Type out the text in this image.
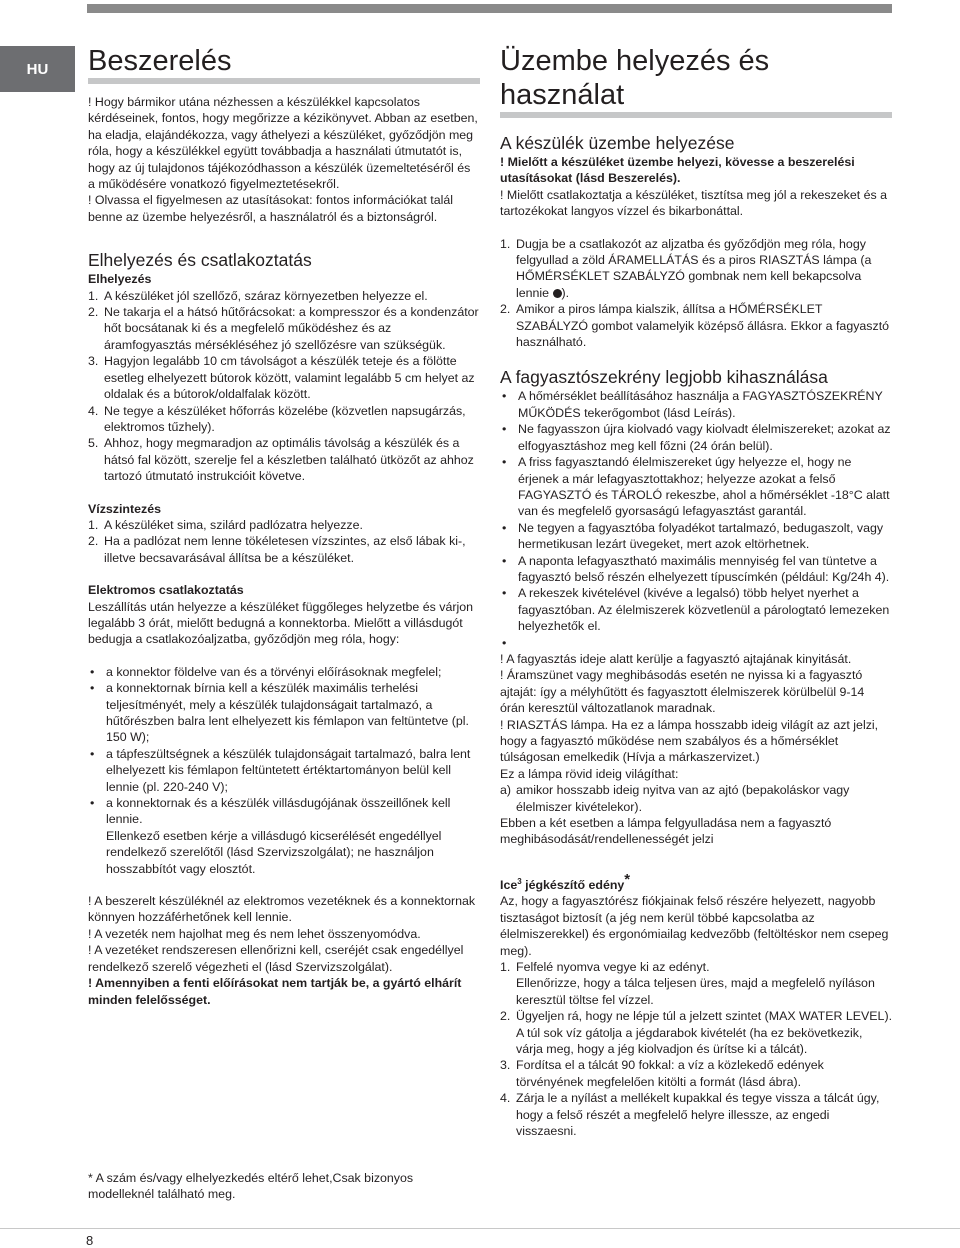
HU Beszerelés

! Hogy bármikor utána nézhessen a készülékkel kapcsolatos kérdéseinek, fontos, hogy megőrizze a kézikönyvet. Abban az esetben, ha eladja, elajándékozza, vagy áthelyezi a készüléket, győződjön meg róla, hogy a készülékkel együtt továbbadja a használati útmutatót is, hogy az új tulajdonos tájékozódhasson a készülék üzemeltetéséről és a működésére vonatkozó figyelmeztetésekről.

! Olvassa el figyelmesen az utasításokat: fontos információkat talál benne az üzembe helyezésről, a használatról és a biztonságról.

Elhelyezés és csatlakoztatás
Elhelyezés
1. A készüléket jól szellőző, száraz környezetben helyezze el.
2. Ne takarja el a hátsó hűtőrácsokat: a kompresszor és a kondenzátor hőt bocsátanak ki és a megfelelő működéshez és az áramfogyasztás mérsékléséhez jó szellőzésre van szükségük.
3. Hagyjon legalább 10 cm távolságot a készülék teteje és a fölötte esetleg elhelyezett bútorok között, valamint legalább 5 cm helyet az oldalak és a bútorok/oldalfalak között.
4. Ne tegye a készüléket hőforrás közelébe (közvetlen napsugárzás, elektromos tűzhely).
5. Ahhoz, hogy megmaradjon az optimális távolság a készülék és a hátsó fal között, szerelje fel a készletben található ütközőt az ahhoz tartozó útmutató instrukcióit követve.
Vízszintezés
1. A készüléket sima, szilárd padlózatra helyezze.
2. Ha a padlózat nem lenne tökéletesen vízszintes, az első lábak ki-, illetve becsavarásával állítsa be a készüléket.
Elektromos csatlakoztatás

Leszállítás után helyezze a készüléket függőleges helyzetbe és várjon legalább 3 órát, mielőtt bedugná a konnektorba. Mielőtt a villásdugót bedugja a csatlakozóaljzatba, győződjön meg róla, hogy:

• a konnektor földelve van és a törvényi előírásoknak megfelel;
• a konnektornak bírnia kell a készülék maximális terhelési teljesítményét, mely a készülék tulajdonságait tartalmazó, a hűtőrészben balra lent elhelyezett kis fémlapon van feltüntetve (pl. 150 W);
• a tápfeszültségnek a készülék tulajdonságait tartalmazó, balra lent elhelyezett kis fémlapon feltüntetett értéktartományon belül kell lennie (pl. 220-240 V);
• a konnektornak és a készülék villásdugójának összeillőnek kell lennie.

Ellenkező esetben kérje a villásdugó kicserélését engedéllyel rendelkező szerelőtől (lásd Szervizszolgálat); ne használjon hosszabbítót vagy elosztót.

! A beszerelt készüléknél az elektromos vezetéknek és a konnektornak könnyen hozzáférhetőnek kell lennie.

! A vezeték nem hajolhat meg és nem lehet összenyomódva.

! A vezetéket rendszeresen ellenőrizni kell, cseréjét csak engedéllyel rendelkező szerelő végezheti el (lásd Szervizszolgálat).

! Amennyiben a fenti előírásokat nem tartják be, a gyártó elhárít minden felelősséget.

* A szám és/vagy elhelyezkedés eltérő lehet,Csak bizonyos modelleknél található meg.
Üzembe helyezés és használat
A készülék üzembe helyezése

! Mielőtt a készüléket üzembe helyezi, kövesse a beszerelési utasításokat (lásd Beszerelés).

! Mielőtt csatlakoztatja a készüléket, tisztítsa meg jól a rekeszeket és a tartozékokat langyos vízzel és bikarbonáttal.

1. Dugja be a csatlakozót az aljzatba és győződjön meg róla, hogy felgyullad a zöld ÁRAMELLÁTÁS és a piros RIASZTÁS lámpa (a HŐMÉRSÉKLET SZABÁLYZÓ gombnak nem kell bekapcsolva lennie ).
2. Amikor a piros lámpa kialszik, állítsa a HŐMÉRSÉKLET SZABÁLYZÓ gombot valamelyik középső állásra. Ekkor a fagyasztó használható.
A fagyasztószekrény legjobb kihasználása
• A hőmérséklet beállításához használja a FAGYASZTÓSZEKRÉNY MŰKÖDÉS tekerőgombot (lásd Leírás).
• Ne fagyasszon újra kiolvadó vagy kiolvadt élelmiszereket; azokat az elfogyasztáshoz meg kell főzni (24 órán belül).
• A friss fagyasztandó élelmiszereket úgy helyezze el, hogy ne érjenek a már lefagyasztottakhoz; helyezze azokat a felső FAGYASZTÓ és TÁROLÓ rekeszbe, ahol a hőmérséklet -18°C alatt van és megfelelő gyorsaságú lefagyasztást garantál.
• Ne tegyen a fagyasztóba folyadékot tartalmazó, bedugaszolt, vagy hermetikusan lezárt üvegeket, mert azok eltörhetnek.
• A naponta lefagyasztható maximális mennyiség fel van tüntetve a fagyasztó belső részén elhelyezett típuscímkén (például: Kg/24h 4).
• A rekeszek kivételével (kivéve a legalsó) több helyet nyerhet a fagyasztóban. Az élelmiszerek közvetlenül a párologtató lemezeken helyezhetők el.
•

! A fagyasztás ideje alatt kerülje a fagyasztó ajtajának kinyitását.

! Áramszünet vagy meghibásodás esetén ne nyissa ki a fagyasztó ajtaját: így a mélyhűtött és fagyasztott élelmiszerek körülbelül 9-14 órán keresztül változatlanok maradnak.

! RIASZTÁS lámpa. Ha ez a lámpa hosszabb ideig világít az azt jelzi, hogy a fagyasztó működése nem szabályos és a hőmérséklet túlságosan emelkedik (Hívja a márkaszervizet.)

Ez a lámpa rövid ideig világíthat:

a) amikor hosszabb ideig nyitva van az ajtó (bepakoláskor vagy élelmiszer kivételekor).

Ebben a két esetben a lámpa felgyulladása nem a fagyasztó meghibásodását/rendellenességét jelzi

Ice$^3$ jégkészítő edény*

Az, hogy a fagyasztórész fiókjainak felső részére helyezett, nagyobb tisztaságot biztosít (a jég nem kerül többé kapcsolatba az élelmiszerekkel) és ergonómiailag kedvezőbb (feltöltéskor nem csepeg meg).

1. Felfelé nyomva vegye ki az edényt.
Ellenőrizze, hogy a tálca teljesen üres, majd a megfelelő nyíláson keresztül töltse fel vízzel.
2. Ügyeljen rá, hogy ne lépje túl a jelzett szintet (MAX WATER LEVEL). A túl sok víz gátolja a jégdarabok kivételét (ha ez bekövetkezik, várja meg, hogy a jég kiolvadjon és ürítse ki a tálcát).
3. Fordítsa el a tálcát 90 fokkal: a víz a közlekedő edények törvényének megfelelően kitölti a formát (lásd ábra).
4. Zárja le a nyílást a mellékelt kupakkal és tegye vissza a tálcát úgy, hogy a felső részét a megfelelő helyre illessze, az engedi visszaesni.
8
